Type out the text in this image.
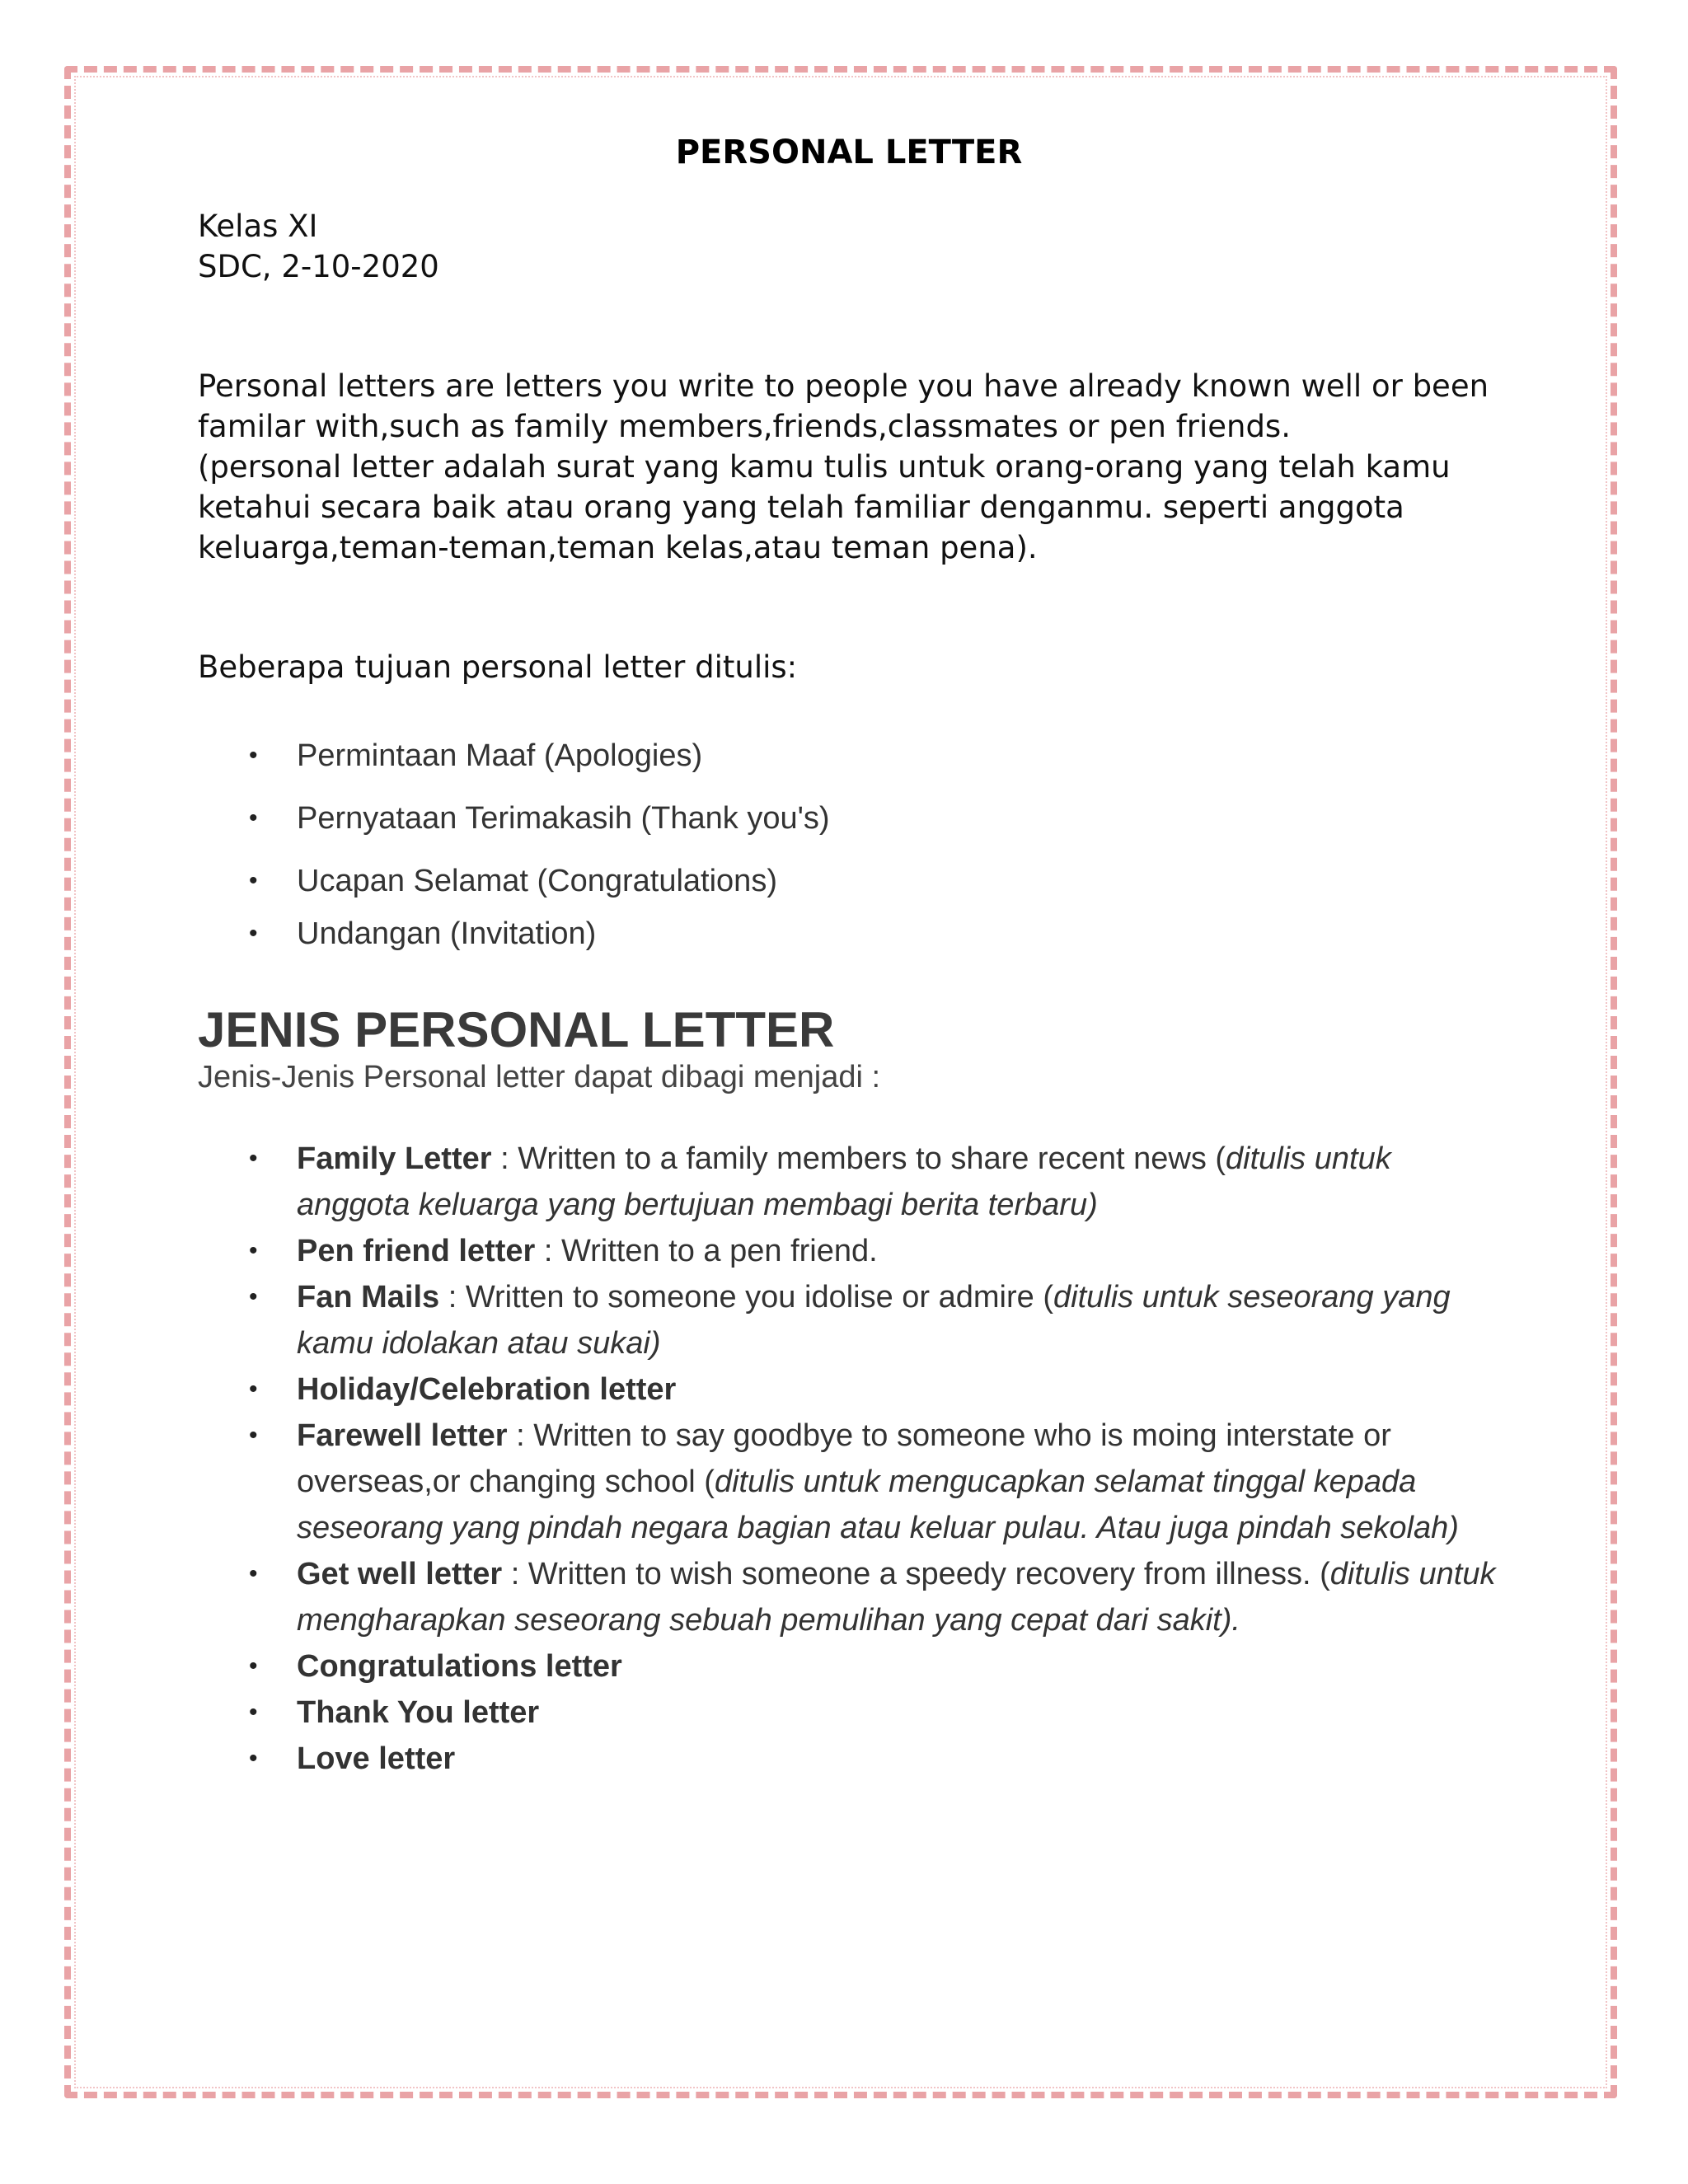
PERSONAL LETTER
Kelas XI
SDC, 2-10-2020

Personal letters are letters you write to people you have already known well or been familar with,such as family members,friends,classmates or pen friends.

(personal letter adalah surat yang kamu tulis untuk orang-orang yang telah kamu ketahui secara baik atau orang yang telah familiar denganmu. seperti anggota keluarga,teman-teman,teman kelas,atau teman pena).

Beberapa tujuan personal letter ditulis:

• Permintaan Maaf (Apologies)
• Pernyataan Terimakasih (Thank you's)
• Ucapan Selamat (Congratulations)
• Undangan (Invitation)
JENIS PERSONAL LETTER

Jenis-Jenis Personal letter dapat dibagi menjadi :

• Family Letter : Written to a family members to share recent news (ditulis untuk anggota keluarga yang bertujuan membagi berita terbaru)
• Pen friend letter : Written to a pen friend.
• Fan Mails : Written to someone you idolise or admire (ditulis untuk seseorang yang kamu idolakan atau sukai)
• Holiday/Celebration letter
• Farewell letter : Written to say goodbye to someone who is moing interstate or overseas,or changing school (ditulis untuk mengucapkan selamat tinggal kepada seseorang yang pindah negara bagian atau keluar pulau. Atau juga pindah sekolah)
• Get well letter : Written to wish someone a speedy recovery from illness. (ditulis untuk mengharapkan seseorang sebuah pemulihan yang cepat dari sakit).
• Congratulations letter
• Thank You letter
• Love letter
